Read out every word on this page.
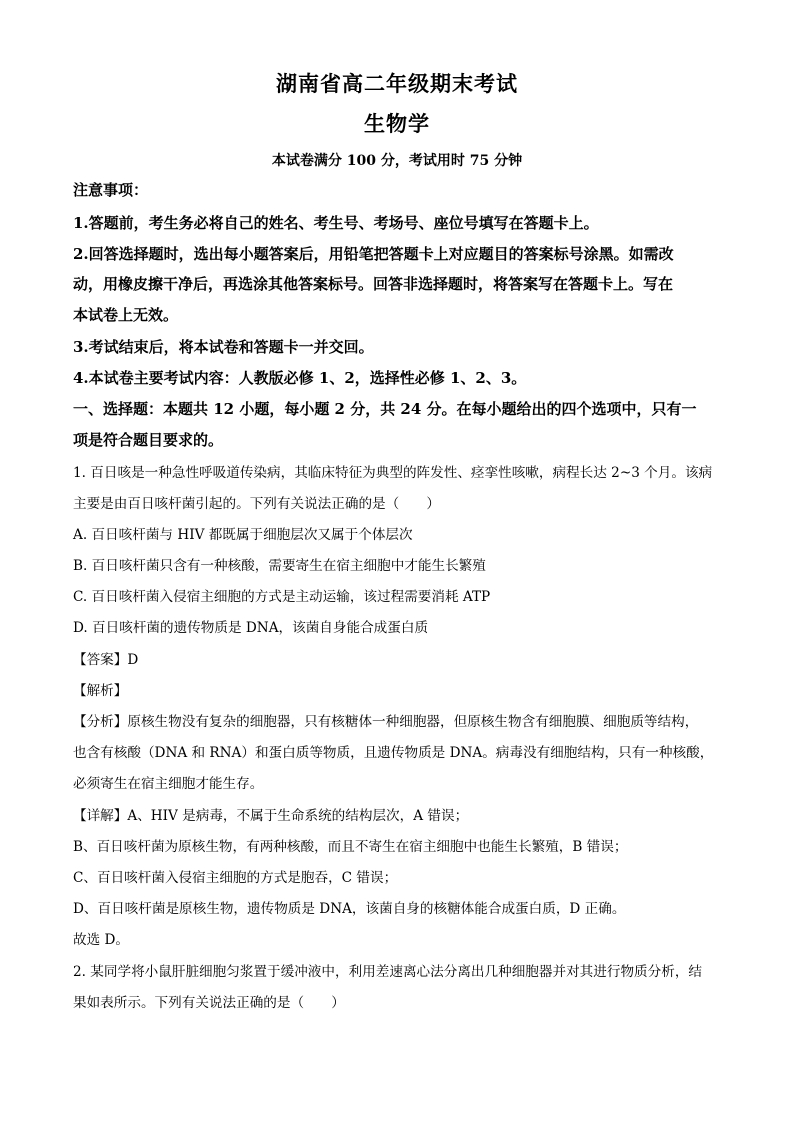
湖南省高二年级期末考试
生物学
本试卷满分 100 分，考试用时 75 分钟
注意事项：
1.答题前，考生务必将自己的姓名、考生号、考场号、座位号填写在答题卡上。
2.回答选择题时，选出每小题答案后，用铅笔把答题卡上对应题目的答案标号涂黑。如需改
动，用橡皮擦干净后，再选涂其他答案标号。回答非选择题时，将答案写在答题卡上。写在
本试卷上无效。
3.考试结束后，将本试卷和答题卡一并交回。
4.本试卷主要考试内容：人教版必修 1、2，选择性必修 1、2、3。
一、选择题：本题共 12 小题，每小题 2 分，共 24 分。在每小题给出的四个选项中，只有一
项是符合题目要求的。
1. 百日咳是一种急性呼吸道传染病，其临床特征为典型的阵发性、痉挛性咳嗽，病程长达 2~3 个月。该病
主要是由百日咳杆菌引起的。下列有关说法正确的是（　　）
A. 百日咳杆菌与 HIV 都既属于细胞层次又属于个体层次
B. 百日咳杆菌只含有一种核酸，需要寄生在宿主细胞中才能生长繁殖
C. 百日咳杆菌入侵宿主细胞的方式是主动运输，该过程需要消耗 ATP
D. 百日咳杆菌的遗传物质是 DNA，该菌自身能合成蛋白质
【答案】D
【解析】
【分析】原核生物没有复杂的细胞器，只有核糖体一种细胞器，但原核生物含有细胞膜、细胞质等结构，
也含有核酸（DNA 和 RNA）和蛋白质等物质，且遗传物质是 DNA。病毒没有细胞结构，只有一种核酸，
必须寄生在宿主细胞才能生存。
【详解】A、HIV 是病毒，不属于生命系统的结构层次，A 错误；
B、百日咳杆菌为原核生物，有两种核酸，而且不寄生在宿主细胞中也能生长繁殖，B 错误；
C、百日咳杆菌入侵宿主细胞的方式是胞吞，C 错误；
D、百日咳杆菌是原核生物，遗传物质是 DNA，该菌自身的核糖体能合成蛋白质，D 正确。
故选 D。
2. 某同学将小鼠肝脏细胞匀浆置于缓冲液中，利用差速离心法分离出几种细胞器并对其进行物质分析，结
果如表所示。下列有关说法正确的是（　　）
